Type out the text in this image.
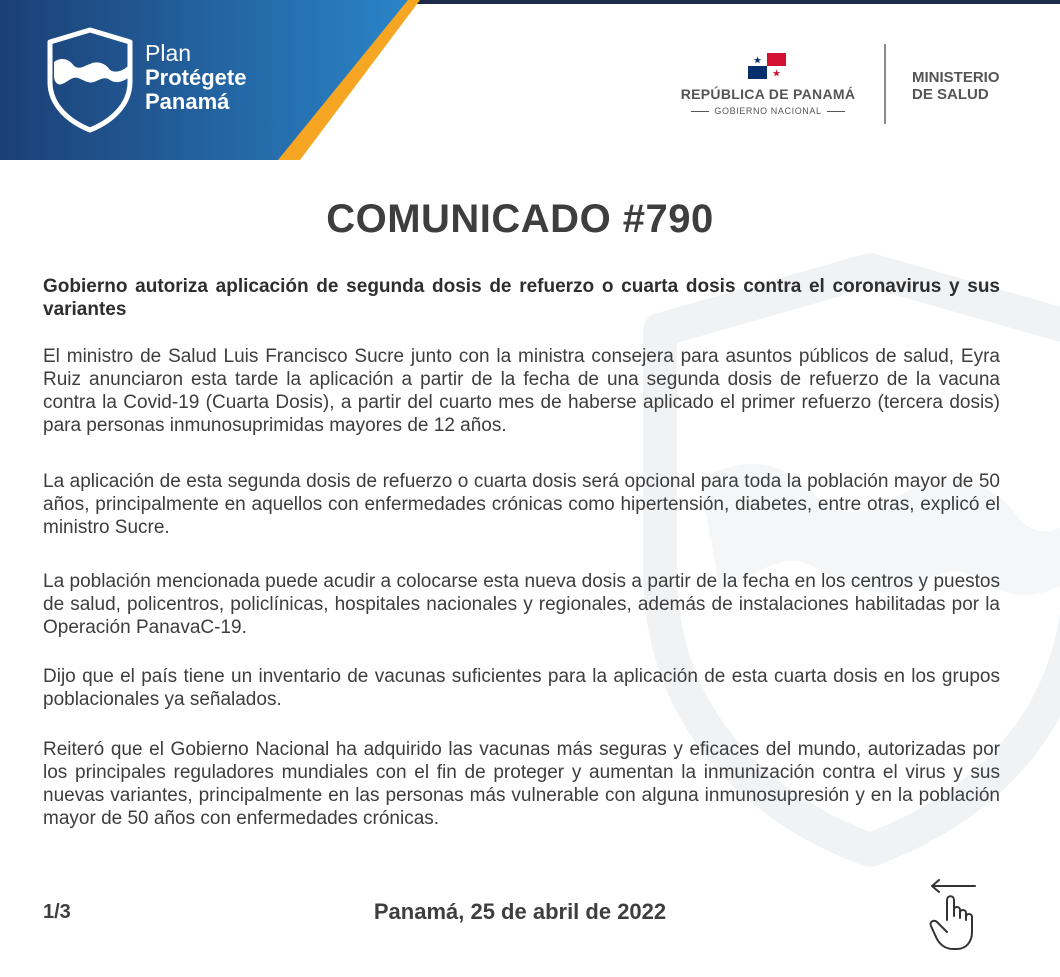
Plan
Protégete
Panamá	REPÚBLICA DE PANAMÁ
GOBIERNO NACIONAL
MINISTERIO
DE SALUD
COMUNICADO #790

Gobierno autoriza aplicación de segunda dosis de refuerzo o cuarta dosis contra el coronavirus y sus variantes

El ministro de Salud Luis Francisco Sucre junto con la ministra consejera para asuntos públicos de salud, Eyra Ruiz anunciaron esta tarde la aplicación a partir de la fecha de una segunda dosis de refuerzo de la vacuna contra la Covid-19 (Cuarta Dosis), a partir del cuarto mes de haberse aplicado el primer refuerzo (tercera dosis) para personas inmunosuprimidas mayores de 12 años.

La aplicación de esta segunda dosis de refuerzo o cuarta dosis será opcional para toda la población mayor de 50 años, principalmente en aquellos con enfermedades crónicas como hipertensión, diabetes, entre otras, explicó el ministro Sucre.

La población mencionada puede acudir a colocarse esta nueva dosis a partir de la fecha en los centros y puestos de salud, policentros, policlínicas, hospitales nacionales y regionales, además de instalaciones habilitadas por la Operación PanavaC-19.

Dijo que el país tiene un inventario de vacunas suficientes para la aplicación de esta cuarta dosis en los grupos poblacionales ya señalados.

Reiteró que el Gobierno Nacional ha adquirido las vacunas más seguras y eficaces del mundo, autorizadas por los principales reguladores mundiales con el fin de proteger y aumentan la inmunización contra el virus y sus nuevas variantes, principalmente en las personas más vulnerable con alguna inmunosupresión y en la población mayor de 50 años con enfermedades crónicas.

1/3	Panamá, 25 de abril de 2022
